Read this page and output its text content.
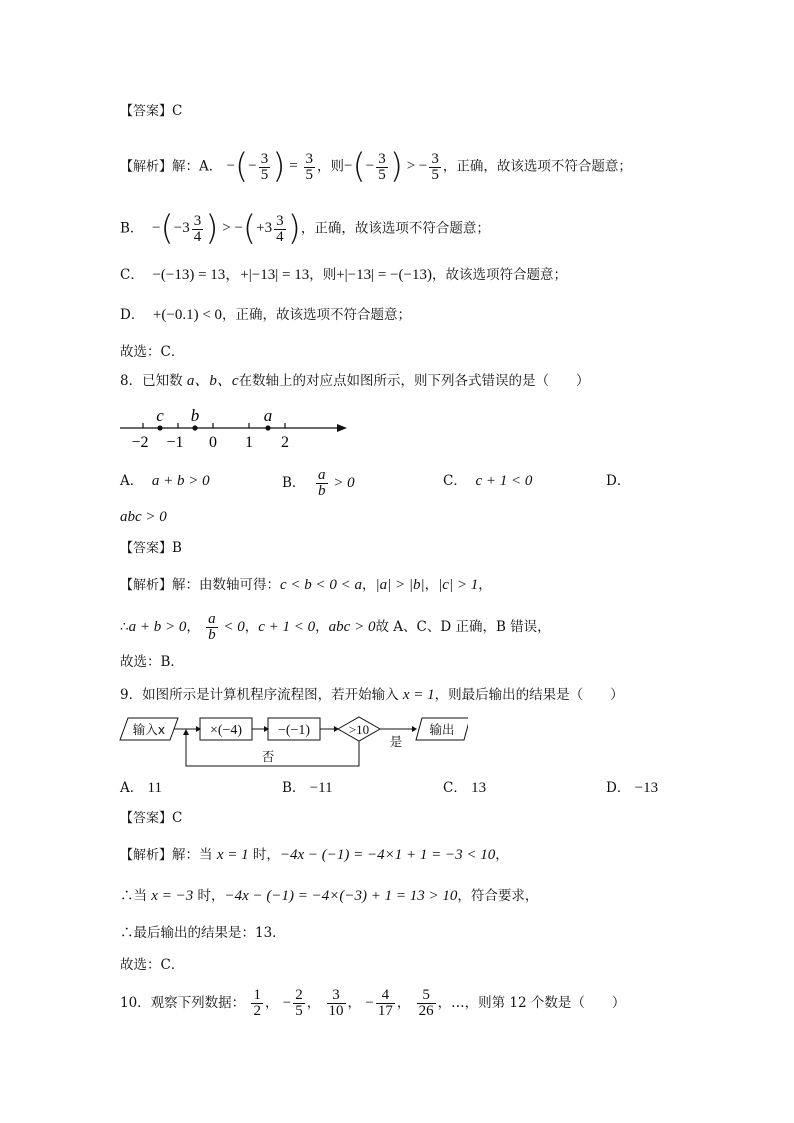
【答案】C
【解析】解：A． −(− $\frac{3}{5}$ ) = $\frac{3}{5}$ ，则−(− $\frac{3}{5}$ ) > − $\frac{3}{5}$ ，正确，故该选项不符合题意；
B． $-(-3 \frac{3}{4}$ ) > $-(+3 \frac{3}{4}$ )，正确，故该选项不符合题意；
C． −(−13) = 13，+|−13| = 13，则+|−13| = −(−13)，故该选项符合题意；
D． +(−0.1) < 0，正确，故该选项不符合题意；
故选：C．
8．已知数 a、b、c在数轴上的对应点如图所示，则下列各式错误的是（　　）
c b	a
−2 −1 0 1 2
A． a + b > 0	B． $\frac{a}{b} > 0$	C． c + 1 < 0	D．
abc > 0
【答案】B
【解析】解：由数轴可得：c < b < 0 < a，|a| > |b|，|c| > 1，
∴a + b > 0， $\frac{a}{b} < 0$，c + 1 < 0，abc > 0故 A、C、D 正确，B 错误，
故选：B．
9．如图所示是计算机程序流程图，若开始输入 x = 1，则最后输出的结果是（　　）
输入x	×(−4)	−(−1)	>10	输出
是
否
A． 11	B． −11	C． 13	D． −13
【答案】C
【解析】解：当 x = 1 时，−4x − (−1) = −4×1 + 1 = −3 < 10，
∴当 x = −3 时，−4x − (−1) = −4×(−3) + 1 = 13 > 10，符合要求，
∴最后输出的结果是：13．
故选：C．
10．观察下列数据： $\frac{1}{2}$ ， − $\frac{2}{5}$ ， $\frac{3}{10}$ ， − $\frac{4}{17}$ ， $\frac{5}{26}$ ，…，则第 12 个数是（　　）
